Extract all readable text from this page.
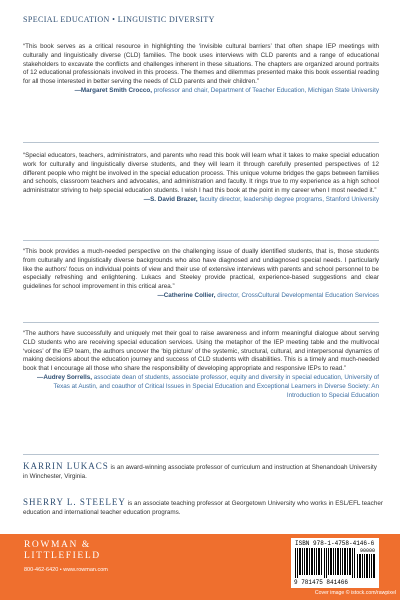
SPECIAL EDUCATION • LINGUISTIC DIVERSITY
“This book serves as a critical resource in highlighting the ‘invisible cultural barriers’ that often shape IEP meetings with culturally and linguistically diverse (CLD) families. The book uses interviews with CLD parents and a range of educational stakeholders to excavate the conflicts and challenges inherent in these situations. The chapters are organized around portraits of 12 educational professionals involved in this process. The themes and dilemmas presented make this book essential reading for all those interested in better serving the needs of CLD parents and their children.”
—Margaret Smith Crocco, professor and chair, Department of Teacher Education, Michigan State University
“Special educators, teachers, administrators, and parents who read this book will learn what it takes to make special education work for culturally and linguistically diverse students, and they will learn it through carefully presented perspectives of 12 different people who might be involved in the special education process. This unique volume bridges the gaps between families and schools, classroom teachers and advocates, and administration and faculty. It rings true to my experience as a high school administrator striving to help special education students. I wish I had this book at the point in my career when I most needed it.”
—S. David Brazer, faculty director, leadership degree programs, Stanford University
“This book provides a much-needed perspective on the challenging issue of dually identified students, that is, those students from culturally and linguistically diverse backgrounds who also have diagnosed and undiagnosed special needs. I particularly like the authors’ focus on individual points of view and their use of extensive interviews with parents and school personnel to be especially refreshing and enlightening. Lukacs and Steeley provide practical, experience-based suggestions and clear guidelines for school improvement in this critical area.”
—Catherine Collier, director, CrossCultural Developmental Education Services
“The authors have successfully and uniquely met their goal to raise awareness and inform meaningful dialogue about serving CLD students who are receiving special education services. Using the metaphor of the IEP meeting table and the multivocal ‘voices’ of the IEP team, the authors uncover the ‘big picture’ of the systemic, structural, cultural, and interpersonal dynamics of making decisions about the education journey and success of CLD students with disabilities. This is a timely and much-needed book that I encourage all those who share the responsibility of developing appropriate and responsive IEPs to read.”
—Audrey Sorrells, associate dean of students, associate professor, equity and diversity in special education, University of Texas at Austin, and coauthor of Critical Issues in Special Education and Exceptional Learners in Diverse Society: An Introduction to Special Education
KARRIN LUKACS is an award-winning associate professor of curriculum and instruction at Shenandoah University in Winchester, Virginia.
SHERRY L. STEELEY is an associate teaching professor at Georgetown University who works in ESL/EFL teacher education and international teacher education programs.
ROWMAN &
LITTLEFIELD
800-462-6420 • www.rowman.com
ISBN 978-1-4758-4146-6
90000
9 781475 841466
Cover image © istock.com/rawpixel
